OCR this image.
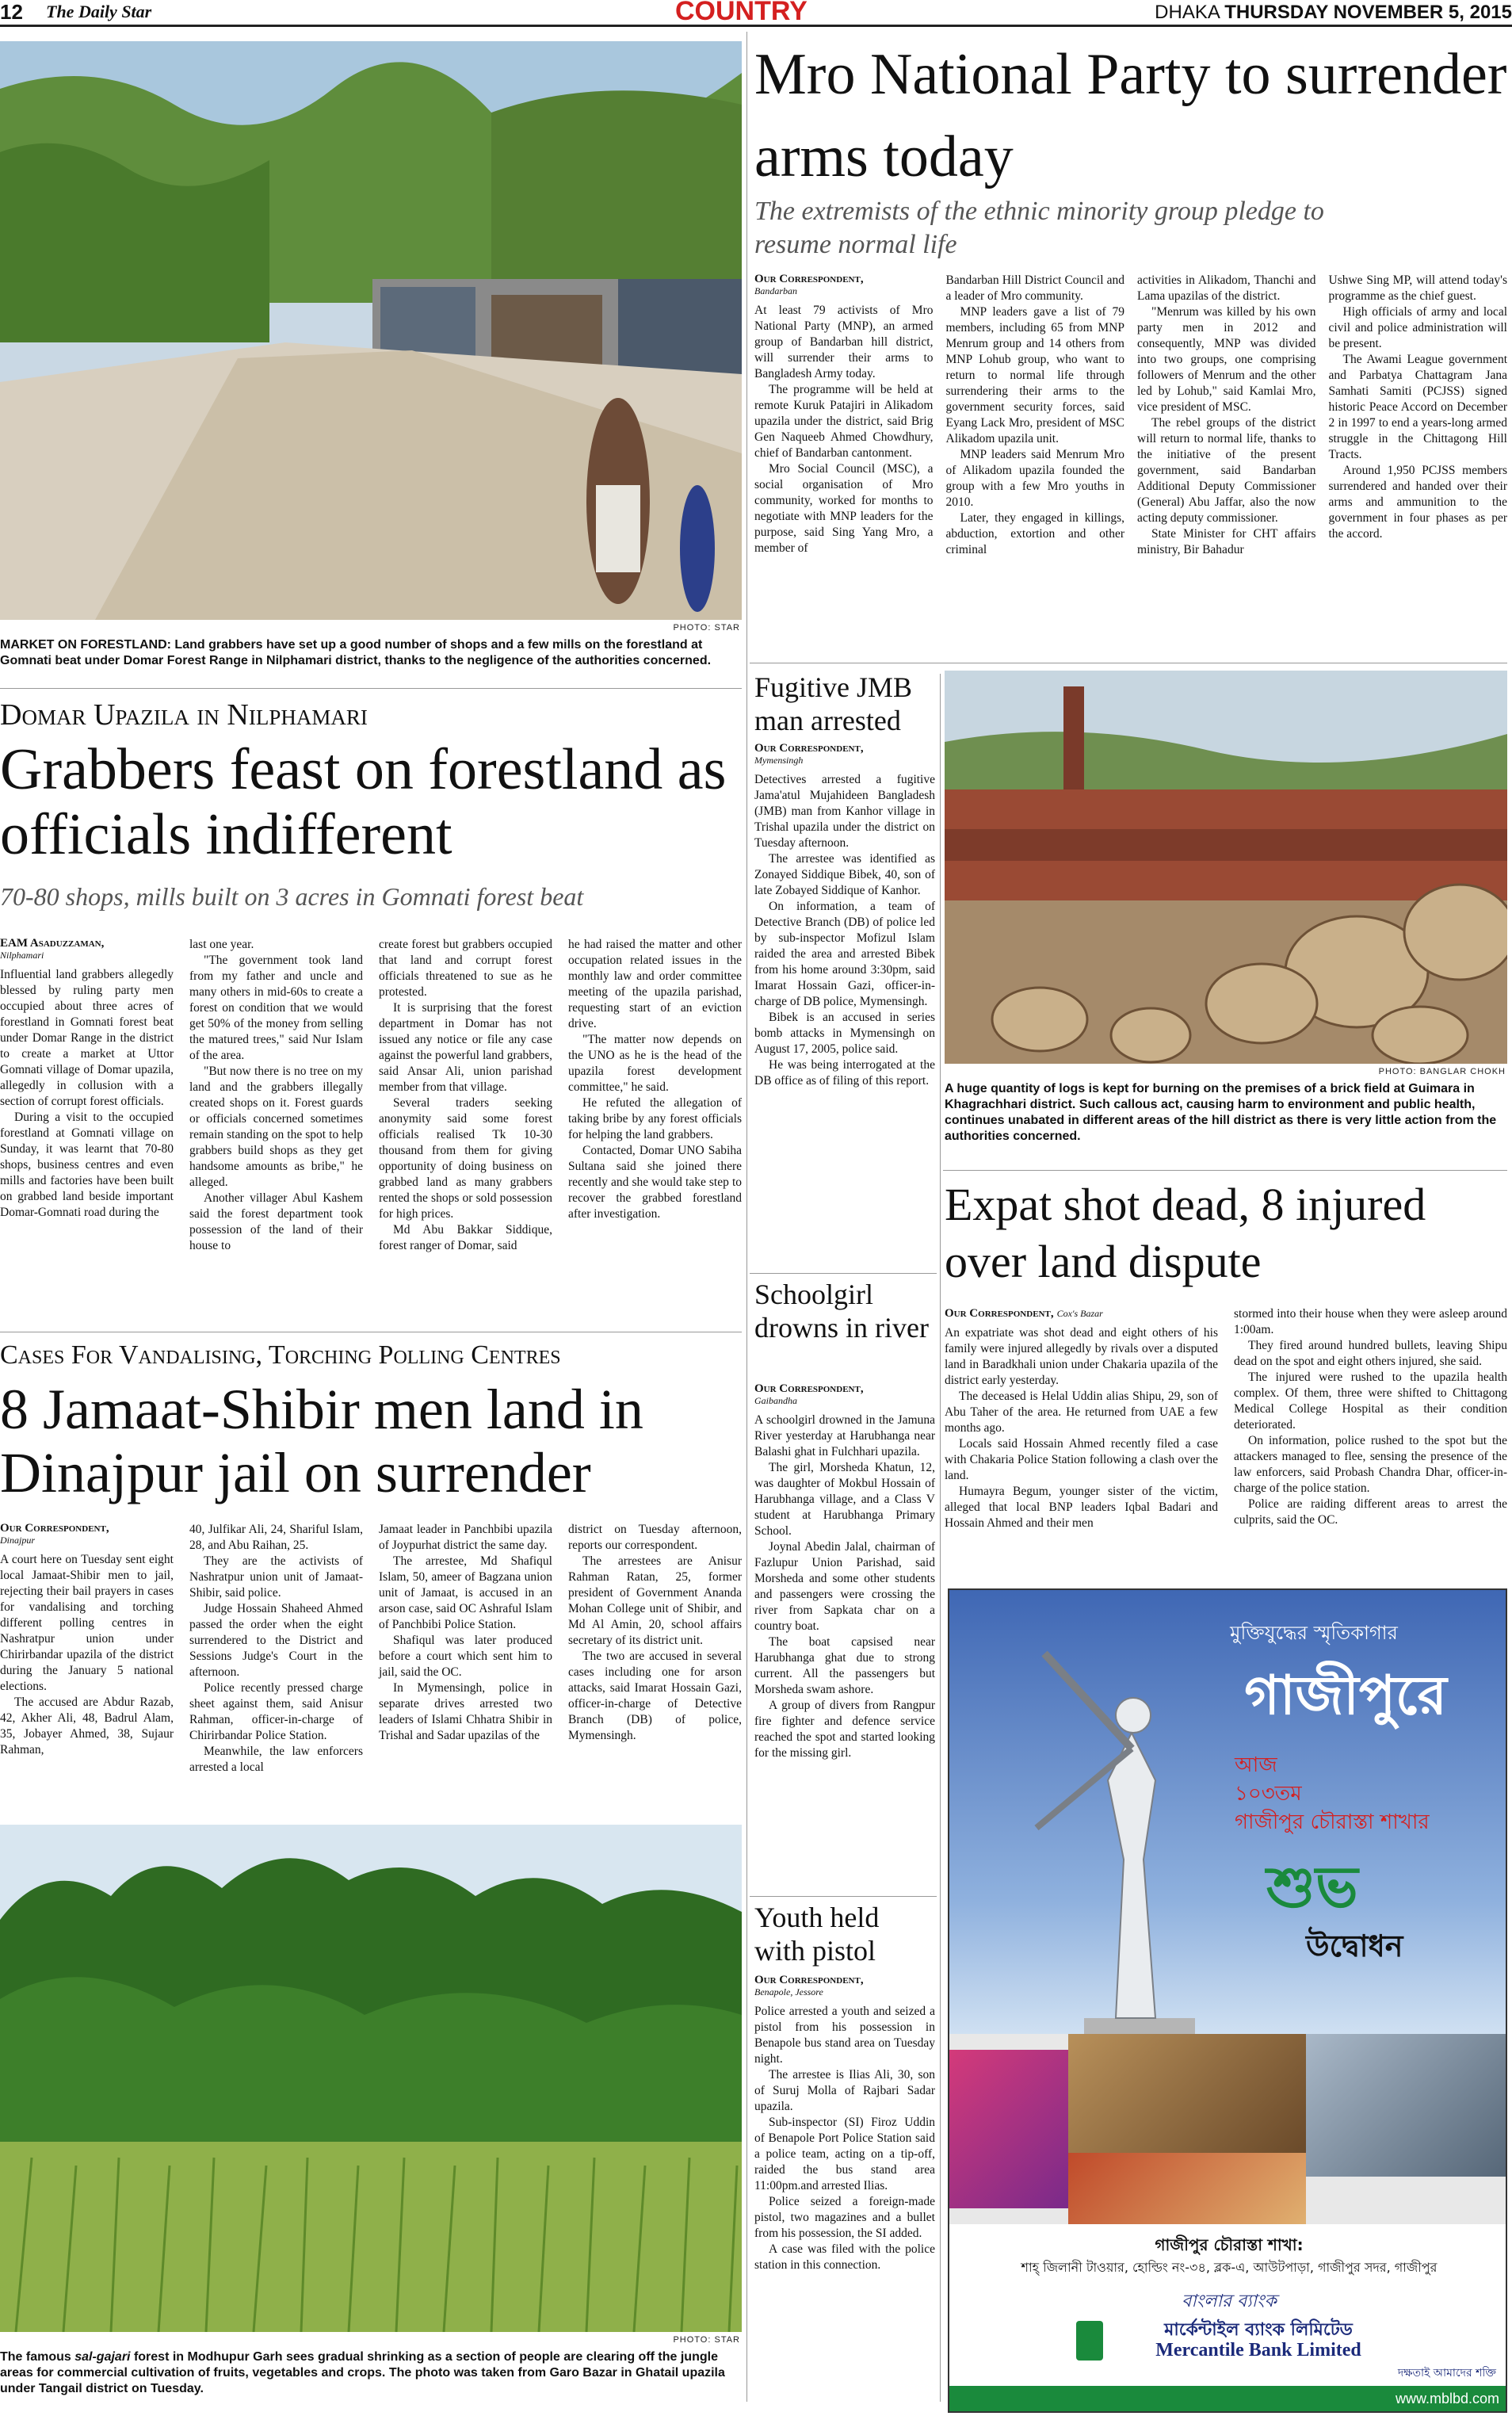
12 The Daily Star	COUNTRY	DHAKA THURSDAY NOVEMBER 5, 2015
PHOTO: STAR
MARKET ON FORESTLAND: Land grabbers have set up a good number of shops and a few mills on the forestland at Gomnati beat under Domar Forest Range in Nilphamari district, thanks to the negligence of the authorities concerned.
Mro National Party to surrender arms today
The extremists of the ethnic minority group pledge to resume normal life
Our Correspondent,
Bandarban

At least 79 activists of Mro National Party (MNP), an armed group of Bandarban hill district, will surrender their arms to Bangladesh Army today.

The programme will be held at remote Kuruk Patajiri in Alikadom upazila under the district, said Brig Gen Naqueeb Ahmed Chowdhury, chief of Bandarban cantonment.

Mro Social Council (MSC), a social organisation of Mro community, worked for months to negotiate with MNP leaders for the purpose, said Sing Yang Mro, a member of

Bandarban Hill District Council and a leader of Mro community.

MNP leaders gave a list of 79 members, including 65 from MNP Menrum group and 14 others from MNP Lohub group, who want to return to normal life through surrendering their arms to the government security forces, said Eyang Lack Mro, president of MSC Alikadom upazila unit.

MNP leaders said Menrum Mro of Alikadom upazila founded the group with a few Mro youths in 2010.

Later, they engaged in killings, abduction, extortion and other criminal

activities in Alikadom, Thanchi and Lama upazilas of the district.

"Menrum was killed by his own party men in 2012 and consequently, MNP was divided into two groups, one comprising followers of Menrum and the other led by Lohub," said Kamlai Mro, vice president of MSC.

The rebel groups of the district will return to normal life, thanks to the initiative of the present government, said Bandarban Additional Deputy Commissioner (General) Abu Jaffar, also the now acting deputy commissioner.

State Minister for CHT affairs ministry, Bir Bahadur

Ushwe Sing MP, will attend today's programme as the chief guest.

High officials of army and local civil and police administration will be present.

The Awami League government and Parbatya Chattagram Jana Samhati Samiti (PCJSS) signed historic Peace Accord on December 2 in 1997 to end a years-long armed struggle in the Chittagong Hill Tracts.

Around 1,950 PCJSS members surrendered and handed over their arms and ammunition to the government in four phases as per the accord.

Domar Upazila in Nilphamari
Grabbers feast on forestland as officials indifferent
70-80 shops, mills built on 3 acres in Gomnati forest beat
EAM Asaduzzaman,
Nilphamari

Influential land grabbers allegedly blessed by ruling party men occupied about three acres of forestland in Gomnati forest beat under Domar Range in the district to create a market at Uttor Gomnati village of Domar upazila, allegedly in collusion with a section of corrupt forest officials.

During a visit to the occupied forestland at Gomnati village on Sunday, it was learnt that 70-80 shops, business centres and even mills and factories have been built on grabbed land beside important Domar-Gomnati road during the

last one year.

"The government took land from my father and uncle and many others in mid-60s to create a forest on condition that we would get 50% of the money from selling the matured trees," said Nur Islam of the area.

"But now there is no tree on my land and the grabbers illegally created shops on it. Forest guards or officials concerned sometimes remain standing on the spot to help grabbers build shops as they get handsome amounts as bribe," he alleged.

Another villager Abul Kashem said the forest department took possession of the land of their house to

create forest but grabbers occupied that land and corrupt forest officials threatened to sue as he protested.

It is surprising that the forest department in Domar has not issued any notice or file any case against the powerful land grabbers, said Ansar Ali, union parishad member from that village.

Several traders seeking anonymity said some forest officials realised Tk 10-30 thousand from them for giving opportunity of doing business on grabbed land as many grabbers rented the shops or sold possession for high prices.

Md Abu Bakkar Siddique, forest ranger of Domar, said

he had raised the matter and other occupation related issues in the monthly law and order committee meeting of the upazila parishad, requesting start of an eviction drive.

"The matter now depends on the UNO as he is the head of the upazila forest development committee," he said.

He refuted the allegation of taking bribe by any forest officials for helping the land grabbers.

Contacted, Domar UNO Sabiha Sultana said she joined there recently and she would take step to recover the grabbed forestland after investigation.

Cases For Vandalising, Torching Polling Centres
8 Jamaat-Shibir men land in Dinajpur jail on surrender
Our Correspondent,
Dinajpur

A court here on Tuesday sent eight local Jamaat-Shibir men to jail, rejecting their bail prayers in cases for vandalising and torching different polling centres in Nashratpur union under Chirirbandar upazila of the district during the January 5 national elections.

The accused are Abdur Razab, 42, Akher Ali, 48, Badrul Alam, 35, Jobayer Ahmed, 38, Sujaur Rahman,

40, Julfikar Ali, 24, Shariful Islam, 28, and Abu Raihan, 25.

They are the activists of Nashratpur union unit of Jamaat-Shibir, said police.

Judge Hossain Shaheed Ahmed passed the order when the eight surrendered to the District and Sessions Judge's Court in the afternoon.

Police recently pressed charge sheet against them, said Anisur Rahman, officer-in-charge of Chirirbandar Police Station.

Meanwhile, the law enforcers arrested a local

Jamaat leader in Panchbibi upazila of Joypurhat district the same day.

The arrestee, Md Shafiqul Islam, 50, ameer of Bagzana union unit of Jamaat, is accused in an arson case, said OC Ashraful Islam of Panchbibi Police Station.

Shafiqul was later produced before a court which sent him to jail, said the OC.

In Mymensingh, police in separate drives arrested two leaders of Islami Chhatra Shibir in Trishal and Sadar upazilas of the

district on Tuesday afternoon, reports our correspondent.

The arrestees are Anisur Rahman Ratan, 25, former president of Government Ananda Mohan College unit of Shibir, and Md Al Amin, 20, school affairs secretary of its district unit.

The two are accused in several cases including one for arson attacks, said Imarat Hossain Gazi, officer-in-charge of Detective Branch (DB) of police, Mymensingh.

PHOTO: STAR
The famous sal-gajari forest in Modhupur Garh sees gradual shrinking as a section of people are clearing off the jungle areas for commercial cultivation of fruits, vegetables and crops. The photo was taken from Garo Bazar in Ghatail upazila under Tangail district on Tuesday.
Fugitive JMB man arrested
Our Correspondent,
Mymensingh

Detectives arrested a fugitive Jama'atul Mujahideen Bangladesh (JMB) man from Kanhor village in Trishal upazila under the district on Tuesday afternoon.

The arrestee was identified as Zonayed Siddique Bibek, 40, son of late Zobayed Siddique of Kanhor.

On information, a team of Detective Branch (DB) of police led by sub-inspector Mofizul Islam raided the area and arrested Bibek from his home around 3:30pm, said Imarat Hossain Gazi, officer-in-charge of DB police, Mymensingh.

Bibek is an accused in series bomb attacks in Mymensingh on August 17, 2005, police said.

He was being interrogated at the DB office as of filing of this report.

Schoolgirl drowns in river
Our Correspondent,
Gaibandha

A schoolgirl drowned in the Jamuna River yesterday at Harubhanga near Balashi ghat in Fulchhari upazila.

The girl, Morsheda Khatun, 12, was daughter of Mokbul Hossain of Harubhanga village, and a Class V student at Harubhanga Primary School.

Joynal Abedin Jalal, chairman of Fazlupur Union Parishad, said Morsheda and some other students and passengers were crossing the river from Sapkata char on a country boat.

The boat capsised near Harubhanga ghat due to strong current. All the passengers but Morsheda swam ashore.

A group of divers from Rangpur fire fighter and defence service reached the spot and started looking for the missing girl.

Youth held with pistol
Our Correspondent,
Benapole, Jessore

Police arrested a youth and seized a pistol from his possession in Benapole bus stand area on Tuesday night.

The arrestee is Ilias Ali, 30, son of Suruj Molla of Rajbari Sadar upazila.

Sub-inspector (SI) Firoz Uddin of Benapole Port Police Station said a police team, acting on a tip-off, raided the bus stand area 11:00pm.and arrested Ilias.

Police seized a foreign-made pistol, two magazines and a bullet from his possession, the SI added.

A case was filed with the police station in this connection.

PHOTO: BANGLAR CHOKH
A huge quantity of logs is kept for burning on the premises of a brick field at Guimara in Khagrachhari district. Such callous act, causing harm to environment and public health, continues unabated in different areas of the hill district as there is very little action from the authorities concerned.
Expat shot dead, 8 injured over land dispute
Our Correspondent, Cox's Bazar

An expatriate was shot dead and eight others of his family were injured allegedly by rivals over a disputed land in Baradkhali union under Chakaria upazila of the district early yesterday.

The deceased is Helal Uddin alias Shipu, 29, son of Abu Taher of the area. He returned from UAE a few months ago.

Locals said Hossain Ahmed recently filed a case with Chakaria Police Station following a clash over the land.

Humayra Begum, younger sister of the victim, alleged that local BNP leaders Iqbal Badari and Hossain Ahmed and their men

stormed into their house when they were asleep around 1:00am.

They fired around hundred bullets, leaving Shipu dead on the spot and eight others injured, she said.

The injured were rushed to the upazila health complex. Of them, three were shifted to Chittagong Medical College Hospital as their condition deteriorated.

On information, police rushed to the spot but the attackers managed to flee, sensing the presence of the law enforcers, said Probash Chandra Dhar, officer-in-charge of the police station.

Police are raiding different areas to arrest the culprits, said the OC.

মুক্তিযুদ্ধের স্মৃতিকাগার
গাজীপুরে
আজ
১০৩তম
গাজীপুর চৌরাস্তা শাখার
শুভ
উদ্বোধন
গাজীপুর চৌরাস্তা শাখা:
শাহ্ জিলানী টাওয়ার, হোল্ডিং নং-৩৪, ব্লক-এ, আউটপাড়া, গাজীপুর সদর, গাজীপুর
বাংলার ব্যাংক
মার্কেন্টাইল ব্যাংক লিমিটেড
Mercantile Bank Limited
দক্ষতাই আমাদের শক্তি
www.mblbd.com
